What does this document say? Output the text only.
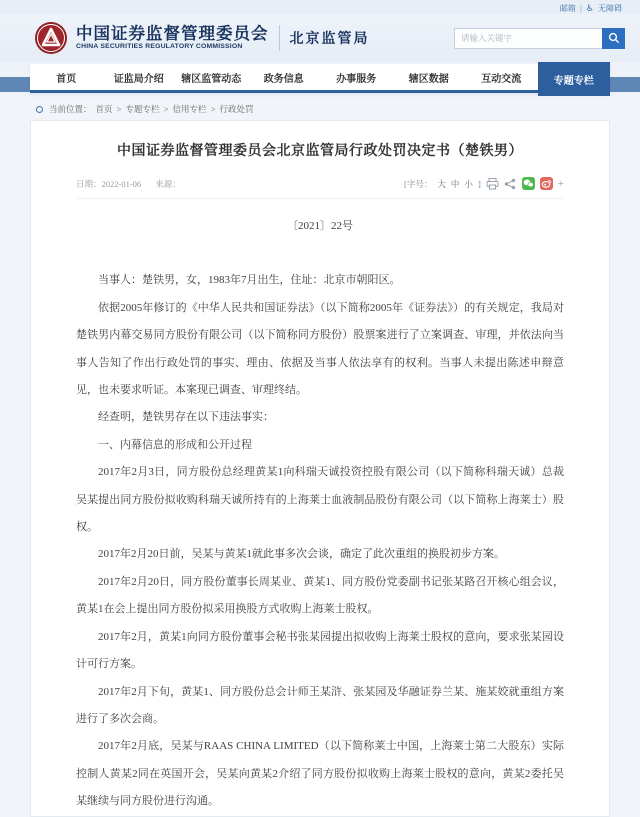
邮箱 | ♿ 无障碍
中国证券监督管理委员会
CHINA SECURITIES REGULATORY COMMISSION
北京监管局
请输入关键字
首页	证监局介绍	辖区监管动态	政务信息	办事服务	辖区数据	互动交流	专题专栏
当前位置： 首页 > 专题专栏 > 信用专栏 > 行政处罚
中国证券监督管理委员会北京监管局行政处罚决定书（楚铁男）
日期： 2022-01-06 来源：	[字号： 大 中 小 ]	+

〔2021〕22号

当事人：楚铁男，女，1983年7月出生，住址：北京市朝阳区。

依据2005年修订的《中华人民共和国证券法》（以下简称2005年《证券法》）的有关规定，我局对楚铁男内幕交易同方股份有限公司（以下简称同方股份）股票案进行了立案调查、审理，并依法向当事人告知了作出行政处罚的事实、理由、依据及当事人依法享有的权利。当事人未提出陈述申辩意见，也未要求听证。本案现已调查、审理终结。

经查明，楚铁男存在以下违法事实：

一、内幕信息的形成和公开过程

2017年2月3日，同方股份总经理黄某1向科瑞天诚投资控股有限公司（以下简称科瑞天诚）总裁吴某提出同方股份拟收购科瑞天诚所持有的上海莱士血液制品股份有限公司（以下简称上海莱士）股权。

2017年2月20日前，吴某与黄某1就此事多次会谈，确定了此次重组的换股初步方案。

2017年2月20日，同方股份董事长周某业、黄某1、同方股份党委副书记张某路召开核心组会议，黄某1在会上提出同方股份拟采用换股方式收购上海莱士股权。

2017年2月，黄某1向同方股份董事会秘书张某园提出拟收购上海莱士股权的意向，要求张某园设计可行方案。

2017年2月下旬，黄某1、同方股份总会计师王某浒、张某园及华融证券兰某、施某姣就重组方案进行了多次会商。

2017年2月底，吴某与RAAS CHINA LIMITED（以下简称莱士中国，上海莱士第二大股东）实际控制人黄某2同在英国开会，吴某向黄某2介绍了同方股份拟收购上海莱士股权的意向，黄某2委托吴某继续与同方股份进行沟通。
